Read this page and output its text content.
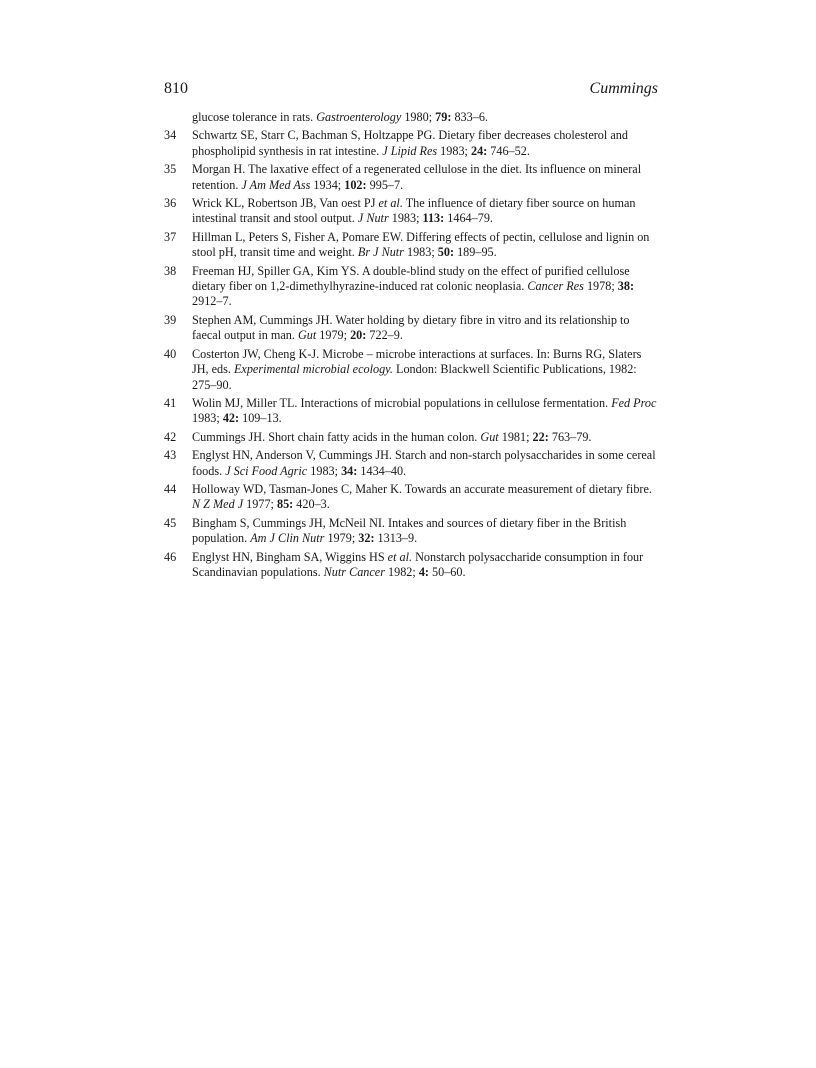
810	Cummings
glucose tolerance in rats. Gastroenterology 1980; 79: 833–6.
34 Schwartz SE, Starr C, Bachman S, Holtzappe PG. Dietary fiber decreases cholesterol and phospholipid synthesis in rat intestine. J Lipid Res 1983; 24: 746–52.
35 Morgan H. The laxative effect of a regenerated cellulose in the diet. Its influence on mineral retention. J Am Med Ass 1934; 102: 995–7.
36 Wrick KL, Robertson JB, Van oest PJ et al. The influence of dietary fiber source on human intestinal transit and stool output. J Nutr 1983; 113: 1464–79.
37 Hillman L, Peters S, Fisher A, Pomare EW. Differing effects of pectin, cellulose and lignin on stool pH, transit time and weight. Br J Nutr 1983; 50: 189–95.
38 Freeman HJ, Spiller GA, Kim YS. A double-blind study on the effect of purified cellulose dietary fiber on 1,2-dimethylhyrazine-induced rat colonic neoplasia. Cancer Res 1978; 38: 2912–7.
39 Stephen AM, Cummings JH. Water holding by dietary fibre in vitro and its relationship to faecal output in man. Gut 1979; 20: 722–9.
40 Costerton JW, Cheng K-J. Microbe – microbe interactions at surfaces. In: Burns RG, Slaters JH, eds. Experimental microbial ecology. London: Blackwell Scientific Publications, 1982: 275–90.
41 Wolin MJ, Miller TL. Interactions of microbial populations in cellulose fermentation. Fed Proc 1983; 42: 109–13.
42 Cummings JH. Short chain fatty acids in the human colon. Gut 1981; 22: 763–79.
43 Englyst HN, Anderson V, Cummings JH. Starch and non-starch polysaccharides in some cereal foods. J Sci Food Agric 1983; 34: 1434–40.
44 Holloway WD, Tasman-Jones C, Maher K. Towards an accurate measurement of dietary fibre. N Z Med J 1977; 85: 420–3.
45 Bingham S, Cummings JH, McNeil NI. Intakes and sources of dietary fiber in the British population. Am J Clin Nutr 1979; 32: 1313–9.
46 Englyst HN, Bingham SA, Wiggins HS et al. Nonstarch polysaccharide consumption in four Scandinavian populations. Nutr Cancer 1982; 4: 50–60.
